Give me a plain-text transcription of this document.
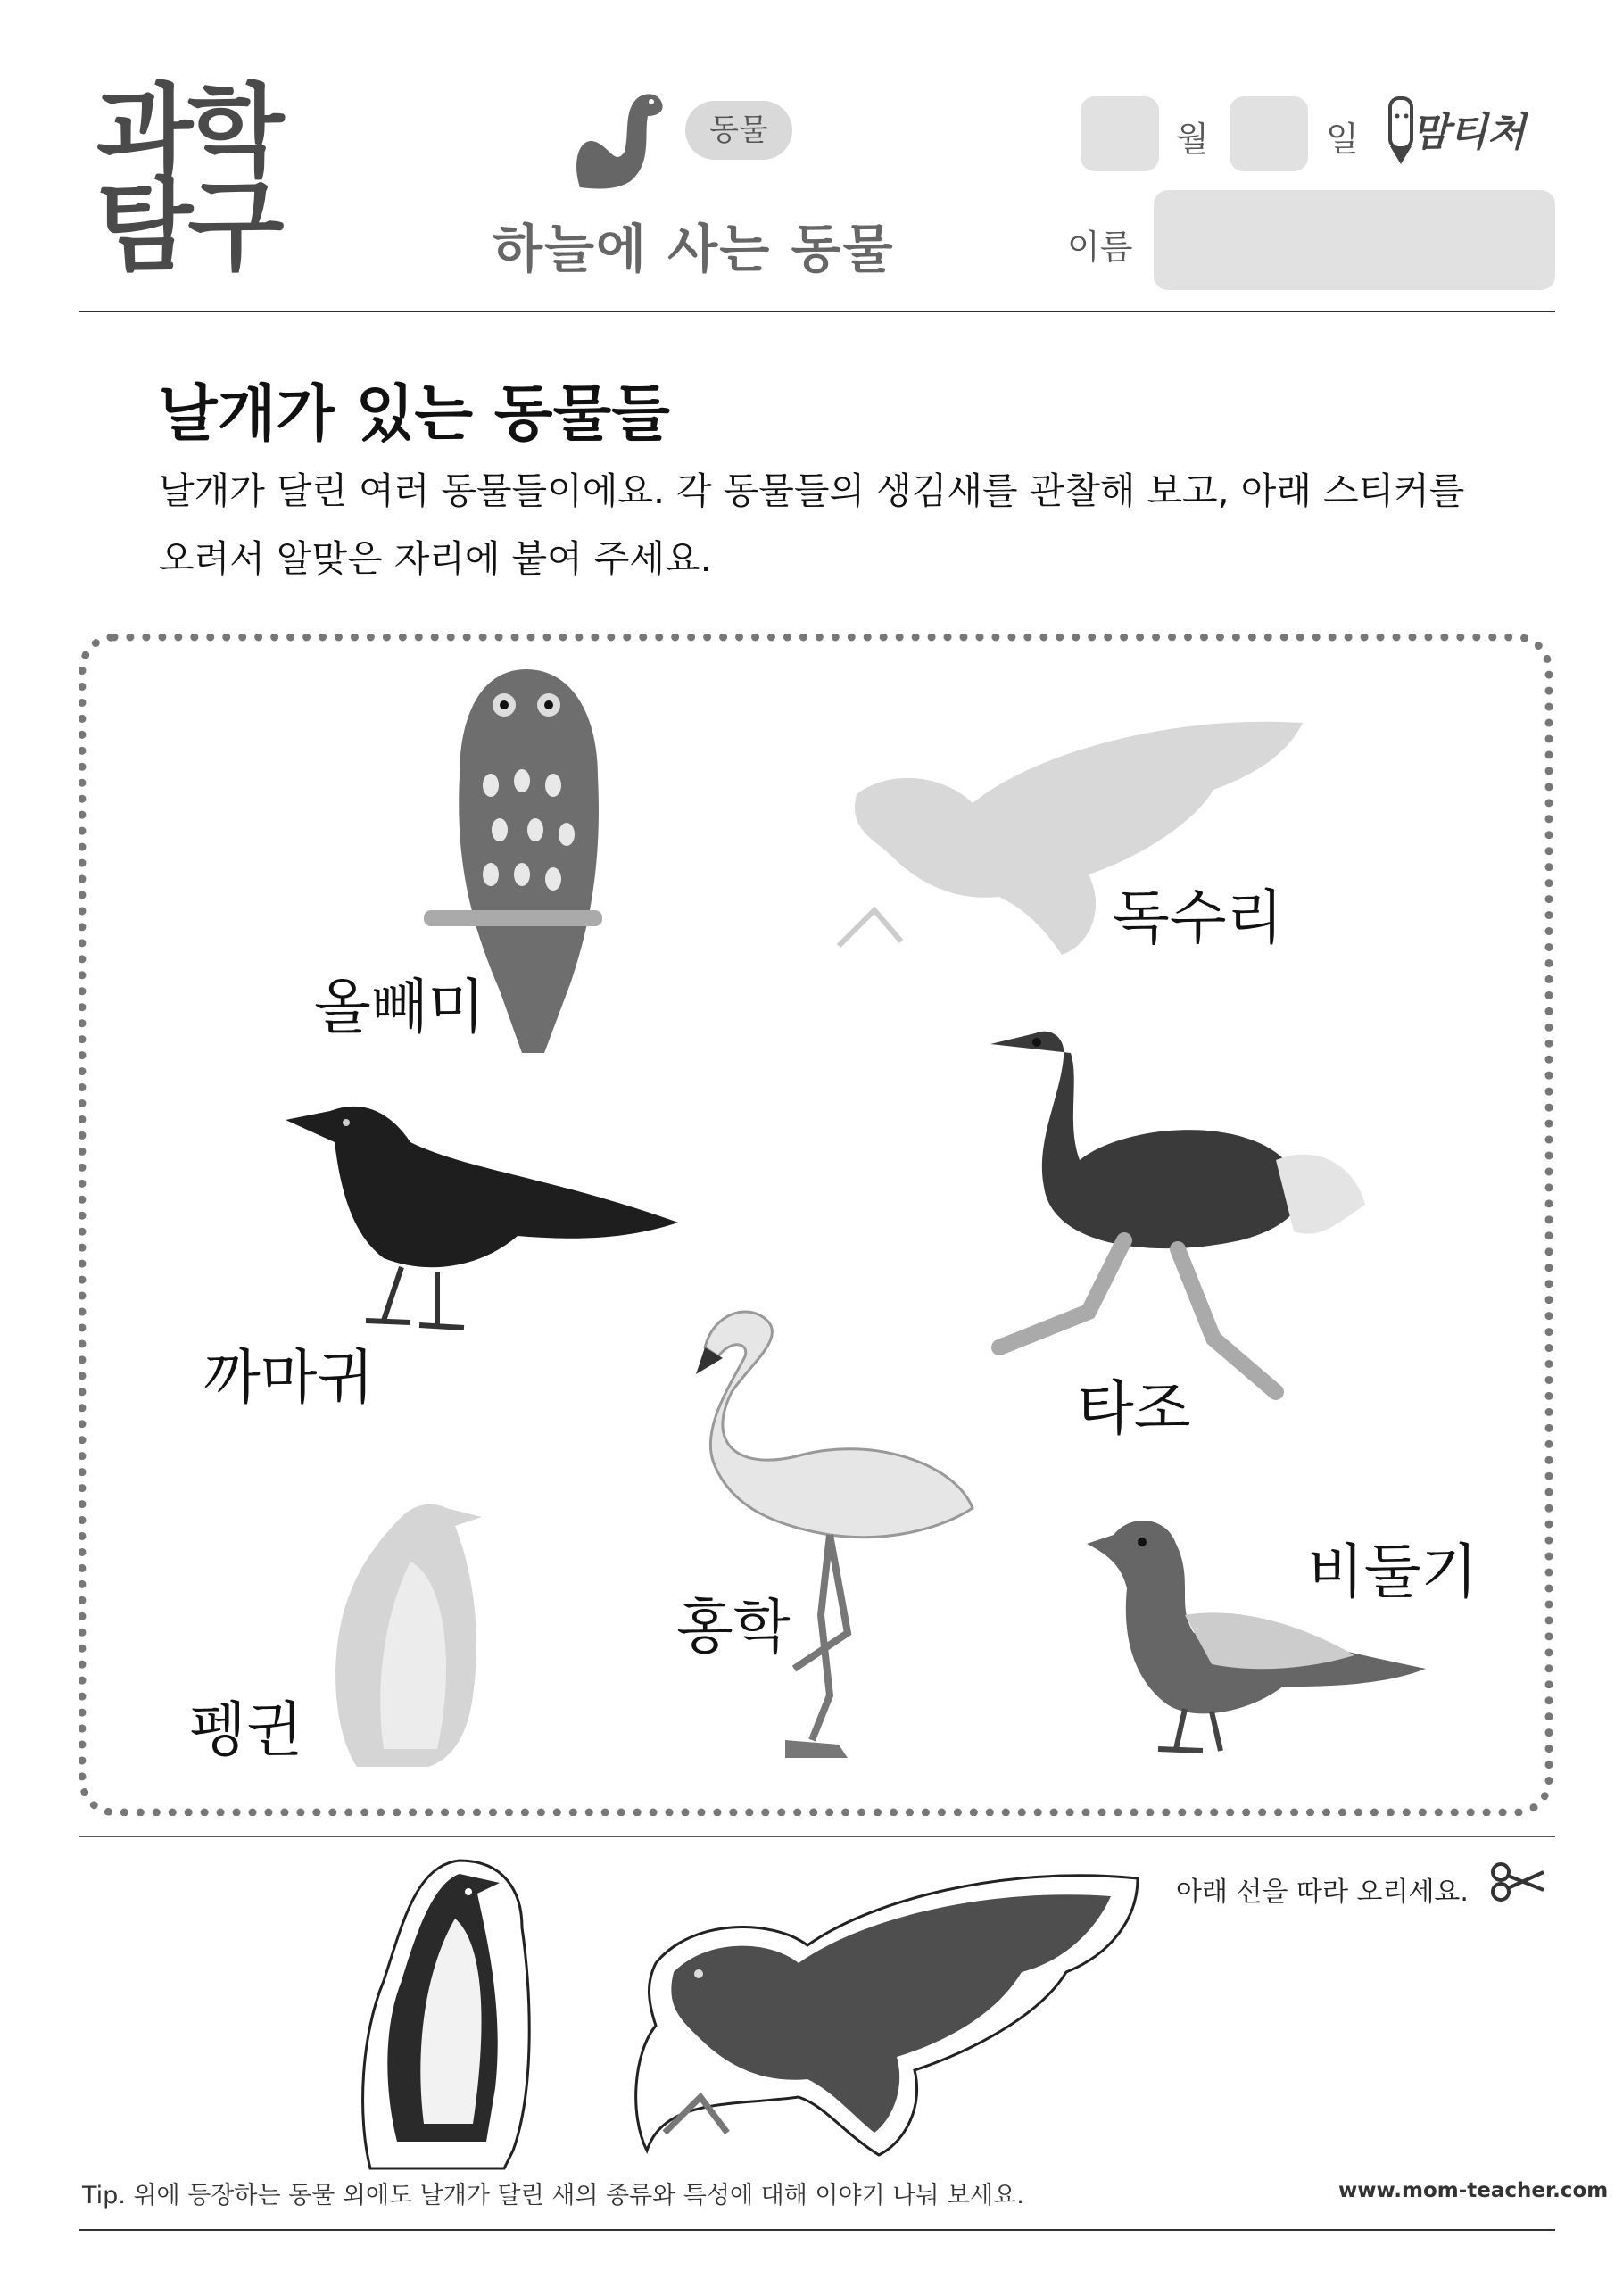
과학
탐구
동물
하늘에 사는 동물
월	일 맘티처
이름
날개가 있는 동물들
날개가 달린 여러 동물들이에요. 각 동물들의 생김새를 관찰해 보고, 아래 스티커를
오려서 알맞은 자리에 붙여 주세요.
올빼미
독수리
까마귀	타조
홍학
비둘기
펭귄
아래 선을 따라 오리세요.
Tip. 위에 등장하는 동물 외에도 날개가 달린 새의 종류와 특성에 대해 이야기 나눠 보세요.	www.mom-teacher.com
